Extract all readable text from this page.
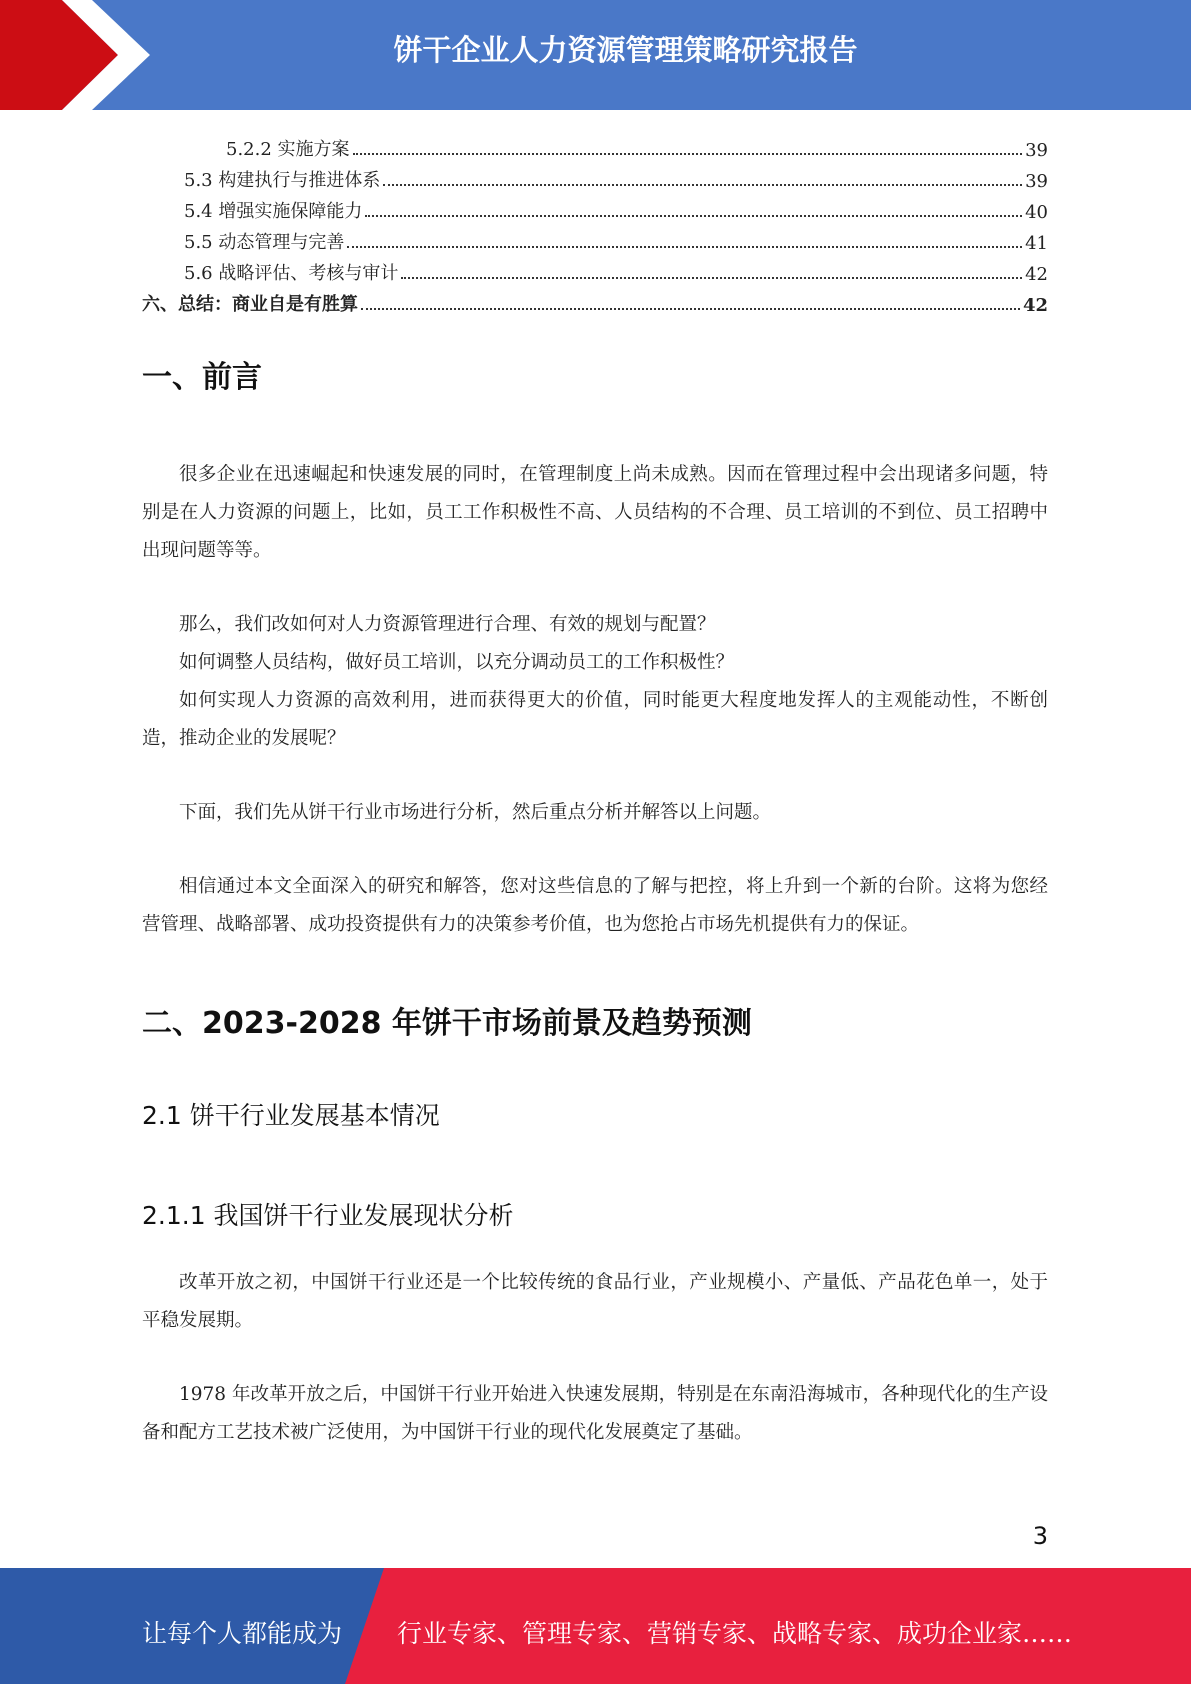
饼干企业人力资源管理策略研究报告
5.2.2 实施方案	39
5.3 构建执行与推进体系	39
5.4 增强实施保障能力	40
5.5 动态管理与完善	41
5.6 战略评估、考核与审计	42
六、总结：商业自是有胜算	42
一、前言

很多企业在迅速崛起和快速发展的同时，在管理制度上尚未成熟。因而在管理过程中会出现诸多问题，特别是在人力资源的问题上，比如，员工工作积极性不高、人员结构的不合理、员工培训的不到位、员工招聘中出现问题等等。

那么，我们改如何对人力资源管理进行合理、有效的规划与配置？

如何调整人员结构，做好员工培训，以充分调动员工的工作积极性？

如何实现人力资源的高效利用，进而获得更大的价值，同时能更大程度地发挥人的主观能动性，不断创造，推动企业的发展呢？

下面，我们先从饼干行业市场进行分析，然后重点分析并解答以上问题。

相信通过本文全面深入的研究和解答，您对这些信息的了解与把控，将上升到一个新的台阶。这将为您经营管理、战略部署、成功投资提供有力的决策参考价值，也为您抢占市场先机提供有力的保证。

二、2023-2028 年饼干市场前景及趋势预测
2.1 饼干行业发展基本情况
2.1.1 我国饼干行业发展现状分析

改革开放之初，中国饼干行业还是一个比较传统的食品行业，产业规模小、产量低、产品花色单一，处于平稳发展期。

1978 年改革开放之后，中国饼干行业开始进入快速发展期，特别是在东南沿海城市，各种现代化的生产设备和配方工艺技术被广泛使用，为中国饼干行业的现代化发展奠定了基础。

3
让每个人都能成为 行业专家、管理专家、营销专家、战略专家、成功企业家……
